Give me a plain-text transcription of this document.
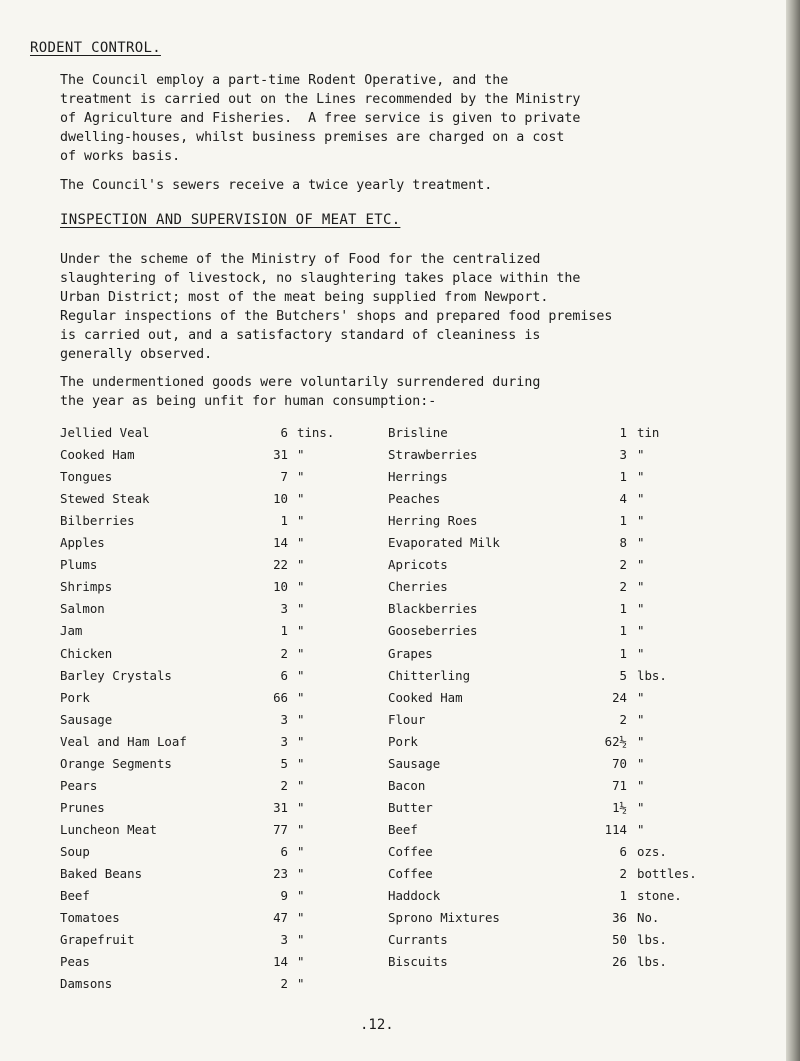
RODENT CONTROL.

The Council employ a part-time Rodent Operative, and the
treatment is carried out on the Lines recommended by the Ministry
of Agriculture and Fisheries.  A free service is given to private
dwelling-houses, whilst business premises are charged on a cost
of works basis.

The Council's sewers receive a twice yearly treatment.

INSPECTION AND SUPERVISION OF MEAT ETC.

Under the scheme of the Ministry of Food for the centralized
slaughtering of livestock, no slaughtering takes place within the
Urban District; most of the meat being supplied from Newport.
Regular inspections of the Butchers' shops and prepared food premises
is carried out, and a satisfactory standard of cleaniness is
generally observed.

The undermentioned goods were voluntarily surrendered during
the year as being unfit for human consumption:-

Jellied Veal	6 tins.
Cooked Ham	31 "
Tongues	7 "
Stewed Steak	10 "
Bilberries	1 "
Apples	14 "
Plums	22 "
Shrimps	10 "
Salmon	3 "
Jam	1 "
Chicken	2 "
Barley Crystals	6 "
Pork	66 "
Sausage	3 "
Veal and Ham Loaf	3 "
Orange Segments	5 "
Pears	2 "
Prunes	31 "
Luncheon Meat	77 "
Soup	6 "
Baked Beans	23 "
Beef	9 "
Tomatoes	47 "
Grapefruit	3 "
Peas	14 "
Damsons	2 "
Brisline	1 tin
Strawberries	3 "
Herrings	1 "
Peaches	4 "
Herring Roes	1 "
Evaporated Milk	8 "
Apricots	2 "
Cherries	2 "
Blackberries	1 "
Gooseberries	1 "
Grapes	1 "
Chitterling	5 lbs.
Cooked Ham	24 "
Flour	2 "
Pork	62½ "
Sausage	70 "
Bacon	71 "
Butter	1½ "
Beef	114 "
Coffee	6 ozs.
Coffee	2 bottles.
Haddock	1 stone.
Sprono Mixtures	36 No.
Currants	50 lbs.
Biscuits	26 lbs.
.12.
